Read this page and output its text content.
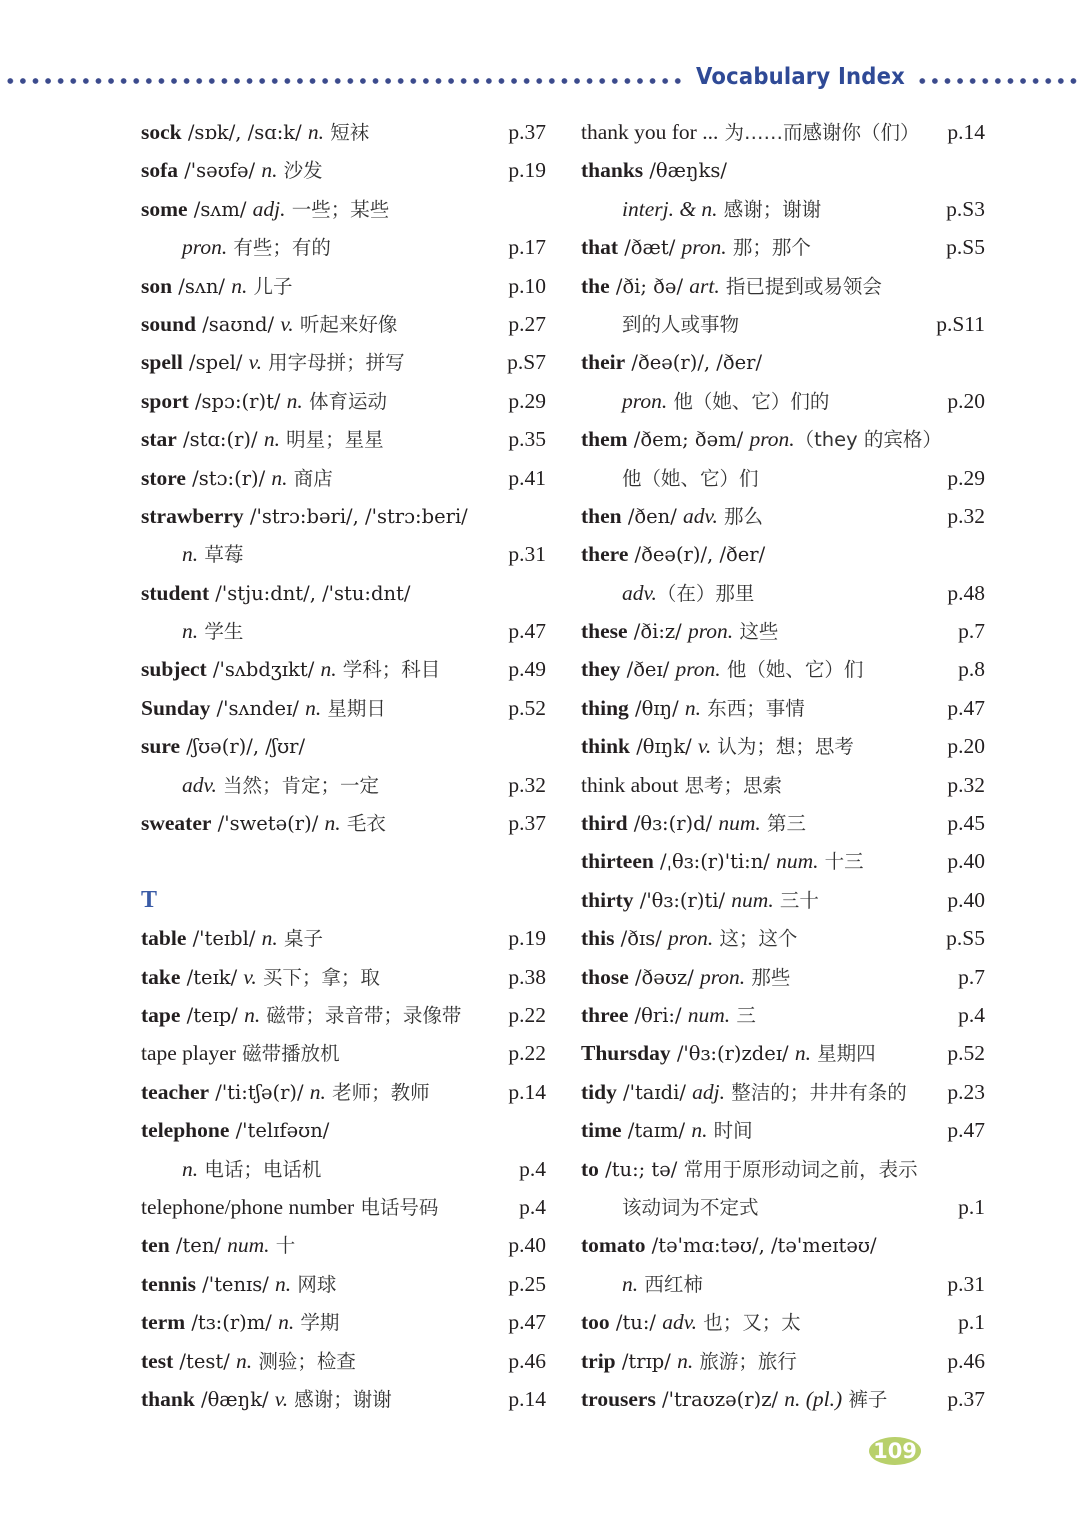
Vocabulary Index
sock /sɒk/, /sɑ:k/ n. 短袜	p.37
sofa /'səʊfə/ n. 沙发	p.19
some /sʌm/ adj. 一些；某些
pron. 有些；有的	p.17
son /sʌn/ n. 儿子	p.10
sound /saʊnd/ v. 听起来好像	p.27
spell /spel/ v. 用字母拼；拼写	p.S7
sport /spɔ:(r)t/ n. 体育运动	p.29
star /stɑ:(r)/ n. 明星；星星	p.35
store /stɔ:(r)/ n. 商店	p.41
strawberry /'strɔ:bəri/, /'strɔ:beri/
n. 草莓	p.31
student /'stju:dnt/, /'stu:dnt/
n. 学生	p.47
subject /'sʌbdʒɪkt/ n. 学科；科目	p.49
Sunday /'sʌndeɪ/ n. 星期日	p.52
sure /ʃʊə(r)/, /ʃʊr/
adv. 当然；肯定；一定	p.32
sweater /'swetə(r)/ n. 毛衣	p.37
T
table /'teɪbl/ n. 桌子	p.19
take /teɪk/ v. 买下；拿；取	p.38
tape /teɪp/ n. 磁带；录音带；录像带 p.22
tape player 磁带播放机	p.22
teacher /'ti:tʃə(r)/ n. 老师；教师	p.14
telephone /'telɪfəʊn/
n. 电话；电话机	p.4
telephone/phone number 电话号码	p.4
ten /ten/ num. 十	p.40
tennis /'tenɪs/ n. 网球	p.25
term /tɜ:(r)m/ n. 学期	p.47
test /test/ n. 测验；检查	p.46
thank /θæŋk/ v. 感谢；谢谢	p.14
thank you for ... 为……而感谢你（们） p.14
thanks /θæŋks/
interj. & n. 感谢；谢谢	p.S3
that /ðæt/ pron. 那；那个	p.S5
the /ði; ðə/ art. 指已提到或易领会
到的人或事物	p.S11
their /ðeə(r)/, /ðer/
pron. 他（她、它）们的	p.20
them /ðem; ðəm/ pron.（they 的宾格）
他（她、它）们	p.29
then /ðen/ adv. 那么	p.32
there /ðeə(r)/, /ðer/
adv.（在）那里	p.48
these /ði:z/ pron. 这些	p.7
they /ðeɪ/ pron. 他（她、它）们	p.8
thing /θɪŋ/ n. 东西；事情	p.47
think /θɪŋk/ v. 认为；想；思考	p.20
think about 思考；思索	p.32
third /θɜ:(r)d/ num. 第三	p.45
thirteen /ˌθɜ:(r)'ti:n/ num. 十三	p.40
thirty /'θɜ:(r)ti/ num. 三十	p.40
this /ðɪs/ pron. 这；这个	p.S5
those /ðəʊz/ pron. 那些	p.7
three /θri:/ num. 三	p.4
Thursday /'θɜ:(r)zdeɪ/ n. 星期四	p.52
tidy /'taɪdi/ adj. 整洁的；井井有条的 p.23
time /taɪm/ n. 时间	p.47
to /tu:; tə/ 常用于原形动词之前，表示
该动词为不定式	p.1
tomato /tə'mɑ:təʊ/, /tə'meɪtəʊ/
n. 西红柿	p.31
too /tu:/ adv. 也；又；太	p.1
trip /trɪp/ n. 旅游；旅行	p.46
trousers /'traʊzə(r)z/ n. (pl.) 裤子	p.37
109
